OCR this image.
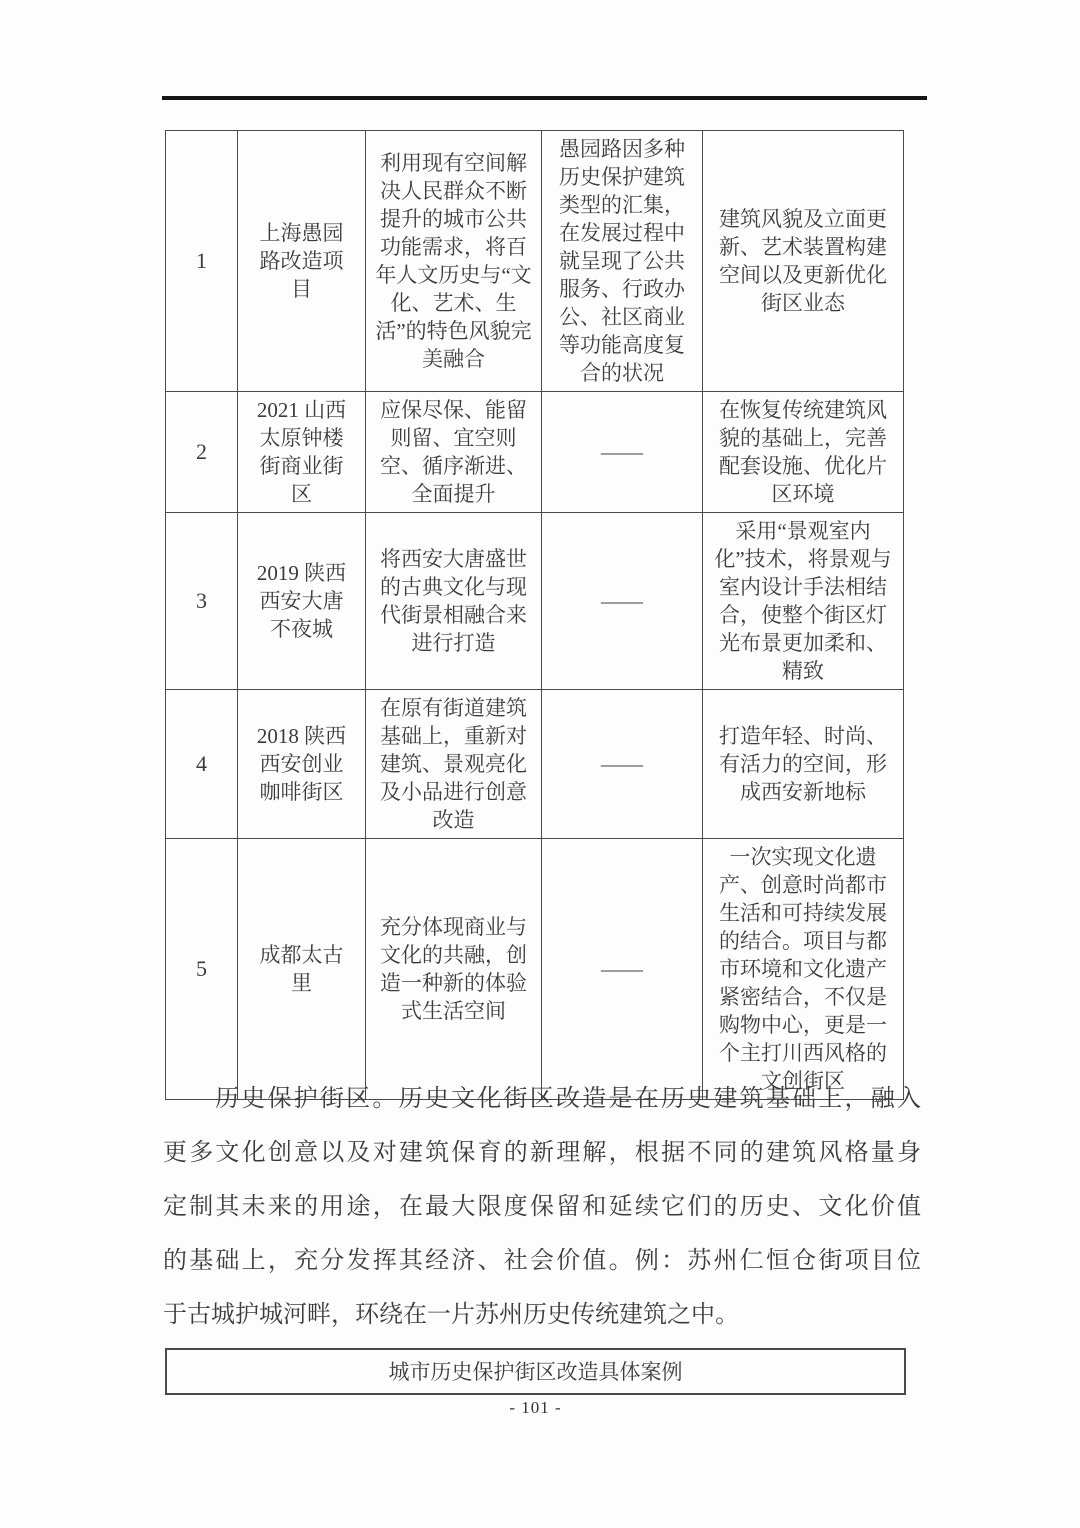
1	上海愚园路改造项目	利用现有空间解决人民群众不断提升的城市公共功能需求，将百年人文历史与“文化、艺术、生活”的特色风貌完美融合	愚园路因多种历史保护建筑类型的汇集，在发展过程中就呈现了公共服务、行政办公、社区商业等功能高度复合的状况	建筑风貌及立面更新、艺术装置构建空间以及更新优化街区业态
2	2021 山西太原钟楼街商业街区	应保尽保、能留则留、宜空则空、循序渐进、全面提升	——	在恢复传统建筑风貌的基础上，完善配套设施、优化片区环境
3	2019 陕西西安大唐不夜城	将西安大唐盛世的古典文化与现代街景相融合来进行打造	——	采用“景观室内化”技术，将景观与室内设计手法相结合，使整个街区灯光布景更加柔和、精致
4	2018 陕西西安创业咖啡街区	在原有街道建筑基础上，重新对建筑、景观亮化及小品进行创意改造	——	打造年轻、时尚、有活力的空间，形成西安新地标
5	成都太古里	充分体现商业与文化的共融，创造一种新的体验式生活空间	——	一次实现文化遗产、创意时尚都市生活和可持续发展的结合。项目与都市环境和文化遗产紧密结合，不仅是购物中心，更是一个主打川西风格的文创街区
历史保护街区。历史文化街区改造是在历史建筑基础上，融入
更多文化创意以及对建筑保育的新理解，根据不同的建筑风格量身
定制其未来的用途，在最大限度保留和延续它们的历史、文化价值
的基础上，充分发挥其经济、社会价值。例：苏州仁恒仓街项目位
于古城护城河畔，环绕在一片苏州历史传统建筑之中。
城市历史保护街区改造具体案例
- 101 -
